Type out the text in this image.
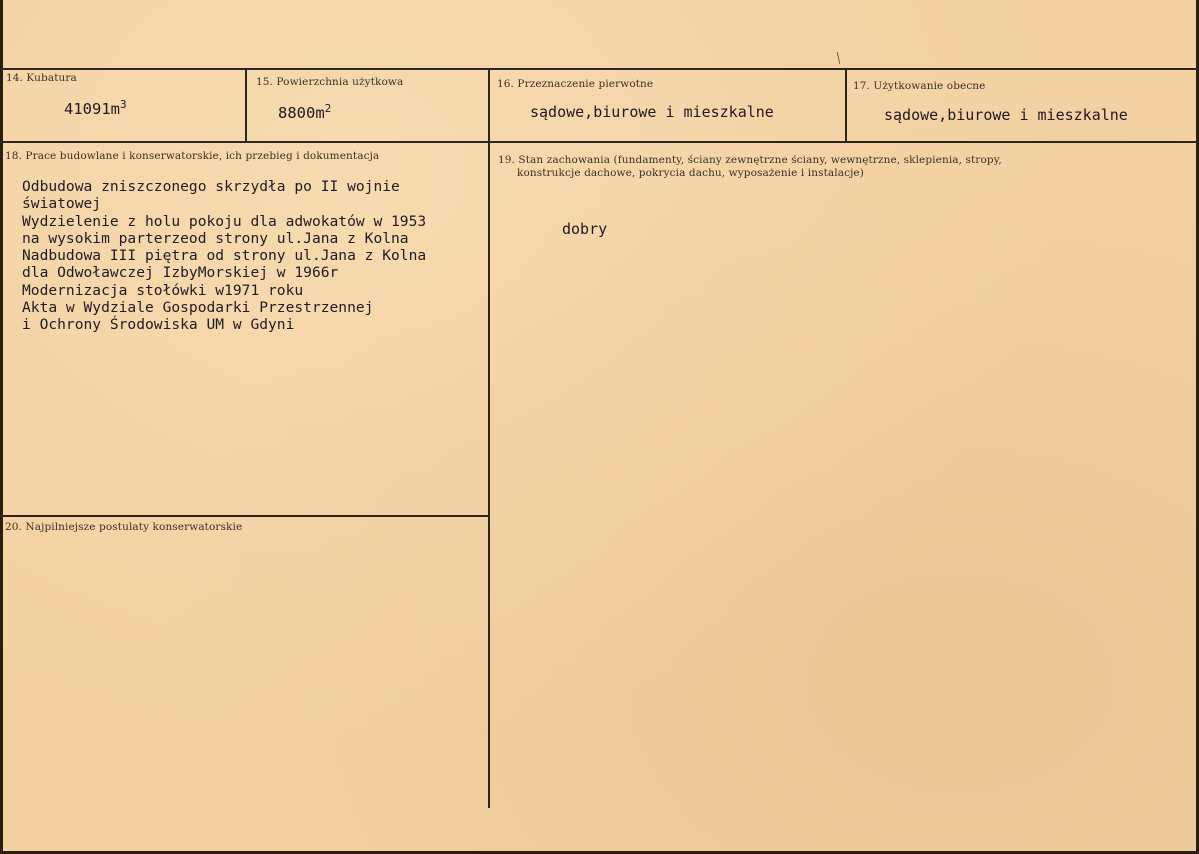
14. Kubatura
$41091m^3$
15. Powierzchnia użytkowa
$8800m^2$
16. Przeznaczenie pierwotne
sądowe,biurowe i mieszkalne
17. Użytkowanie obecne
sądowe,biurowe i mieszkalne
18. Prace budowlane i konserwatorskie, ich przebieg i dokumentacja
Odbudowa zniszczonego skrzydła po II wojnie
światowej
Wydzielenie z holu pokoju dla adwokatów w 1953
na wysokim parterzeod strony ul.Jana z Kolna
Nadbudowa III piętra od strony ul.Jana z Kolna
dla Odwoławczej IzbyMorskiej w 1966r
Modernizacja stołówki w1971 roku
Akta w Wydziale Gospodarki Przestrzennej
i Ochrony Środowiska UM w Gdyni
19. Stan zachowania (fundamenty, ściany zewnętrzne ściany, wewnętrzne, sklepienia, stropy,
konstrukcje dachowe, pokrycia dachu, wyposażenie i instalacje)
dobry
20. Najpilniejsze postulaty konserwatorskie
